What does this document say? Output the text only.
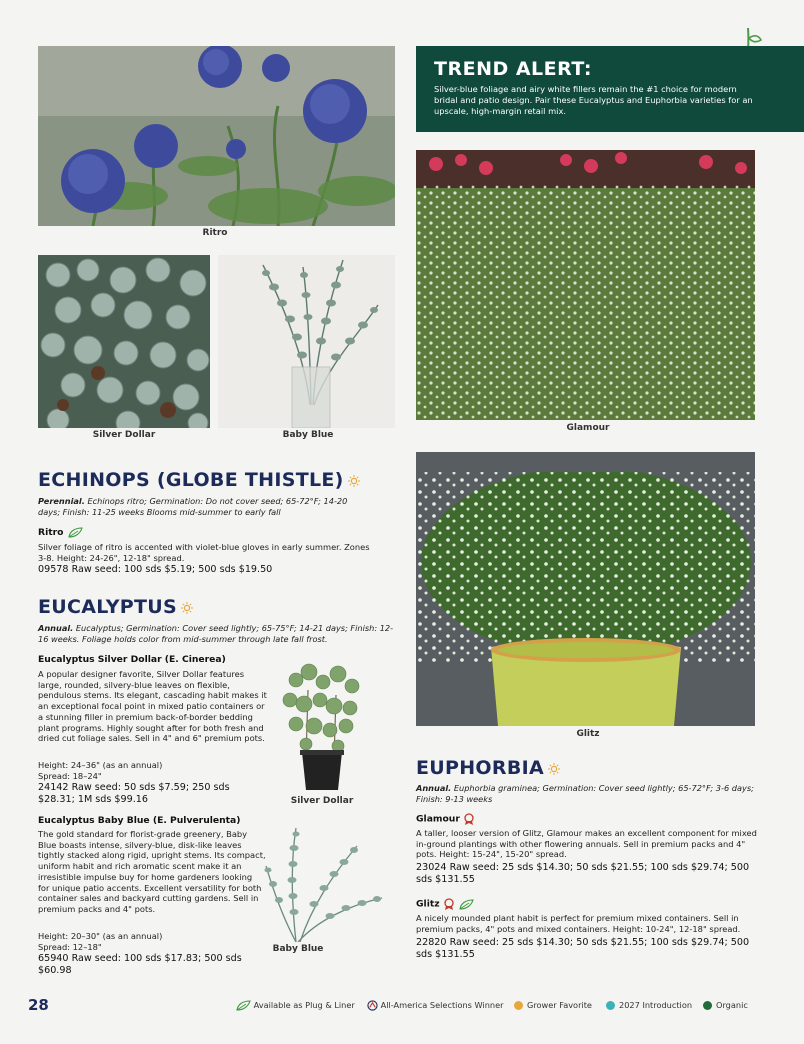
Ritro
Silver Dollar	Baby Blue
TREND ALERT:

Silver-blue foliage and airy white fillers remain the #1 choice for modern bridal and patio design. Pair these Eucalyptus and Euphorbia varieties for an upscale, high-margin retail mix.

Glamour
Glitz
ECHINOPS (GLOBE THISTLE)
Perennial. Echinops ritro; Germination: Do not cover seed; 65-72°F; 14-20 days; Finish: 11-25 weeks Blooms mid-summer to early fall
Ritro
Silver foliage of ritro is accented with violet-blue gloves in early summer. Zones 3-8. Height: 24-26", 12-18" spread.
09578 Raw seed: 100 sds $5.19; 500 sds $19.50
EUCALYPTUS
Annual. Eucalyptus; Germination: Cover seed lightly; 65-75°F; 14-21 days; Finish: 12-16 weeks. Foliage holds color from mid-summer through late fall frost.
Eucalyptus Silver Dollar (E. Cinerea)
A popular designer favorite, Silver Dollar features large, rounded, silvery-blue leaves on flexible, pendulous stems. Its elegant, cascading habit makes it an exceptional focal point in mixed patio containers or a stunning filler in premium back-of-border bedding plant programs. Highly sought after for both fresh and dried cut foliage sales. Sell in 4" and 6" premium pots.
Height: 24–36" (as an annual)
Spread: 18–24"
24142 Raw seed: 50 sds $7.59; 250 sds $28.31; 1M sds $99.16	Silver Dollar
Eucalyptus Baby Blue (E. Pulverulenta)
The gold standard for florist-grade greenery, Baby Blue boasts intense, silvery-blue, disk-like leaves tightly stacked along rigid, upright stems. Its compact, uniform habit and rich aromatic scent make it an irresistible impulse buy for home gardeners looking for unique patio accents. Excellent versatility for both container sales and backyard cutting gardens. Sell in premium packs and 4" pots.
Height: 20–30" (as an annual)
Spread: 12–18"
65940 Raw seed: 100 sds $17.83; 500 sds $60.98
Baby Blue
EUPHORBIA
Annual. Euphorbia graminea; Germination: Cover seed lightly; 65-72°F; 3-6 days; Finish: 9-13 weeks
Glamour
A taller, looser version of Glitz, Glamour makes an excellent component for mixed in-ground plantings with other flowering annuals. Sell in premium packs and 4" pots. Height: 15-24", 15-20" spread.
23024 Raw seed: 25 sds $14.30; 50 sds $21.55; 100 sds $29.74; 500 sds $131.55
Glitz
A nicely mounded plant habit is perfect for premium mixed containers. Sell in premium packs, 4" pots and mixed containers. Height: 10-24", 12-18" spread.
22820 Raw seed: 25 sds $14.30; 50 sds $21.55; 100 sds $29.74; 500 sds $131.55
28	Available as Plug & Liner	All-America Selections Winner	Grower Favorite	2027 Introduction	Organic
